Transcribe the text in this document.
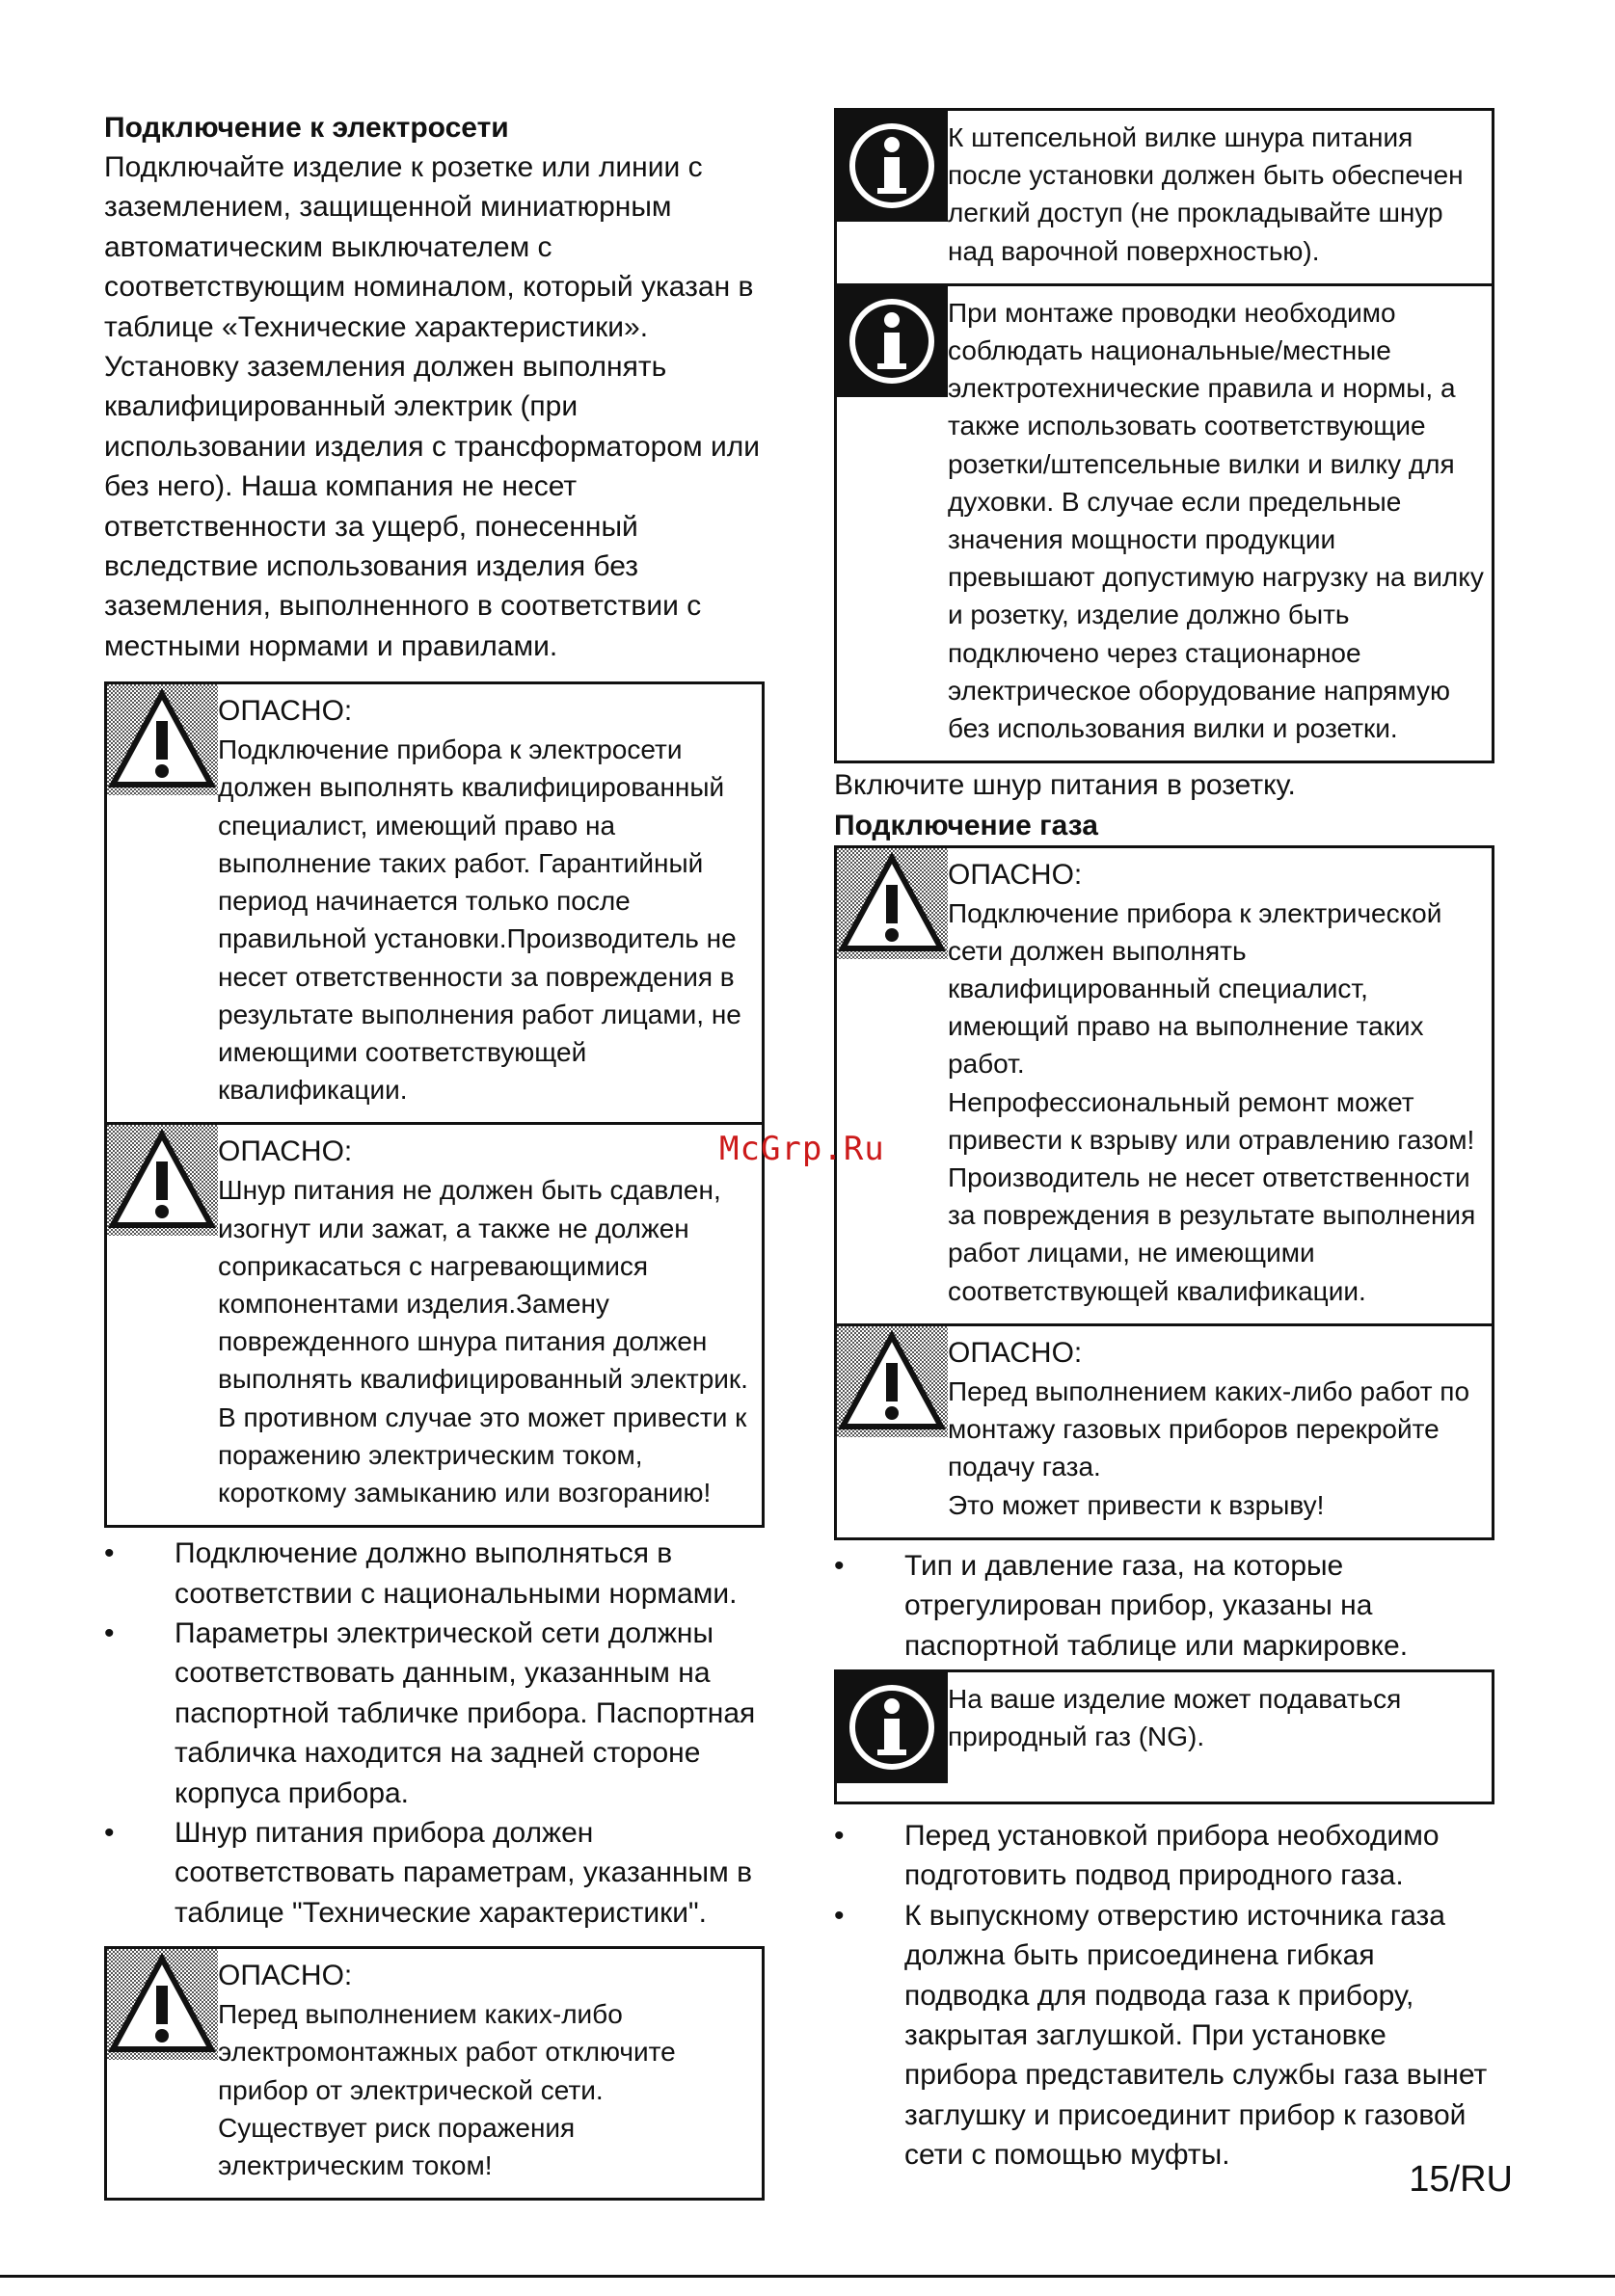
Подключение к электросети

Подключайте изделие к розетке или линии с заземлением, защищенной миниатюрным автоматическим выключателем с соответствующим номиналом, который указан в таблице «Технические характеристики». Установку заземления должен выполнять квалифицированный электрик (при использовании изделия с трансформатором или без него). Наша компания не несет ответственности за ущерб, понесенный вследствие использования изделия без заземления, выполненного в соответствии с местными нормами и правилами.

ОПАСНО:

Подключение прибора к электросети должен выполнять квалифицированный специалист, имеющий право на выполнение таких работ. Гарантийный период начинается только после правильной установки.Производитель не несет ответственности за повреждения в результате выполнения работ лицами, не имеющими соответствующей квалификации.

ОПАСНО:

Шнур питания не должен быть сдавлен, изогнут или зажат, а также не должен соприкасаться с нагревающимися компонентами изделия.Замену поврежденного шнура питания должен выполнять квалифицированный электрик. В противном случае это может привести к поражению электрическим током, короткому замыканию или возгоранию!

• Подключение должно выполняться в соответствии с национальными нормами.
• Параметры электрической сети должны соответствовать данным, указанным на паспортной табличке прибора. Паспортная табличка находится на задней стороне корпуса прибора.
• Шнур питания прибора должен соответствовать параметрам, указанным в таблице "Технические характеристики".

ОПАСНО:

Перед выполнением каких-либо электромонтажных работ отключите прибор от электрической сети. Существует риск поражения электрическим током!

К штепсельной вилке шнура питания после установки должен быть обеспечен легкий доступ (не прокладывайте шнур над варочной поверхностью).

При монтаже проводки необходимо соблюдать национальные/местные электротехнические правила и нормы, а также использовать соответствующие розетки/штепсельные вилки и вилку для духовки. В случае если предельные значения мощности продукции превышают допустимую нагрузку на вилку и розетку, изделие должно быть подключено через стационарное электрическое оборудование напрямую без использования вилки и розетки.

Включите шнур питания в розетку.

Подключение газа

ОПАСНО:

Подключение прибора к электрической сети должен выполнять квалифицированный специалист, имеющий право на выполнение таких работ.

Непрофессиональный ремонт может привести к взрыву или отравлению газом! Производитель не несет ответственности за повреждения в результате выполнения работ лицами, не имеющими соответствующей квалификации.

ОПАСНО:

Перед выполнением каких-либо работ по монтажу газовых приборов перекройте подачу газа.

Это может привести к взрыву!

• Тип и давление газа, на которые отрегулирован прибор, указаны на паспортной таблице или маркировке.

На ваше изделие может подаваться природный газ (NG).

• Перед установкой прибора необходимо подготовить подвод природного газа.
• К выпускному отверстию источника газа должна быть присоединена гибкая подводка для подвода газа к прибору, закрытая заглушкой. При установке прибора представитель службы газа вынет заглушку и присоединит прибор к газовой сети с помощью муфты.
McGrp.Ru
15/RU
